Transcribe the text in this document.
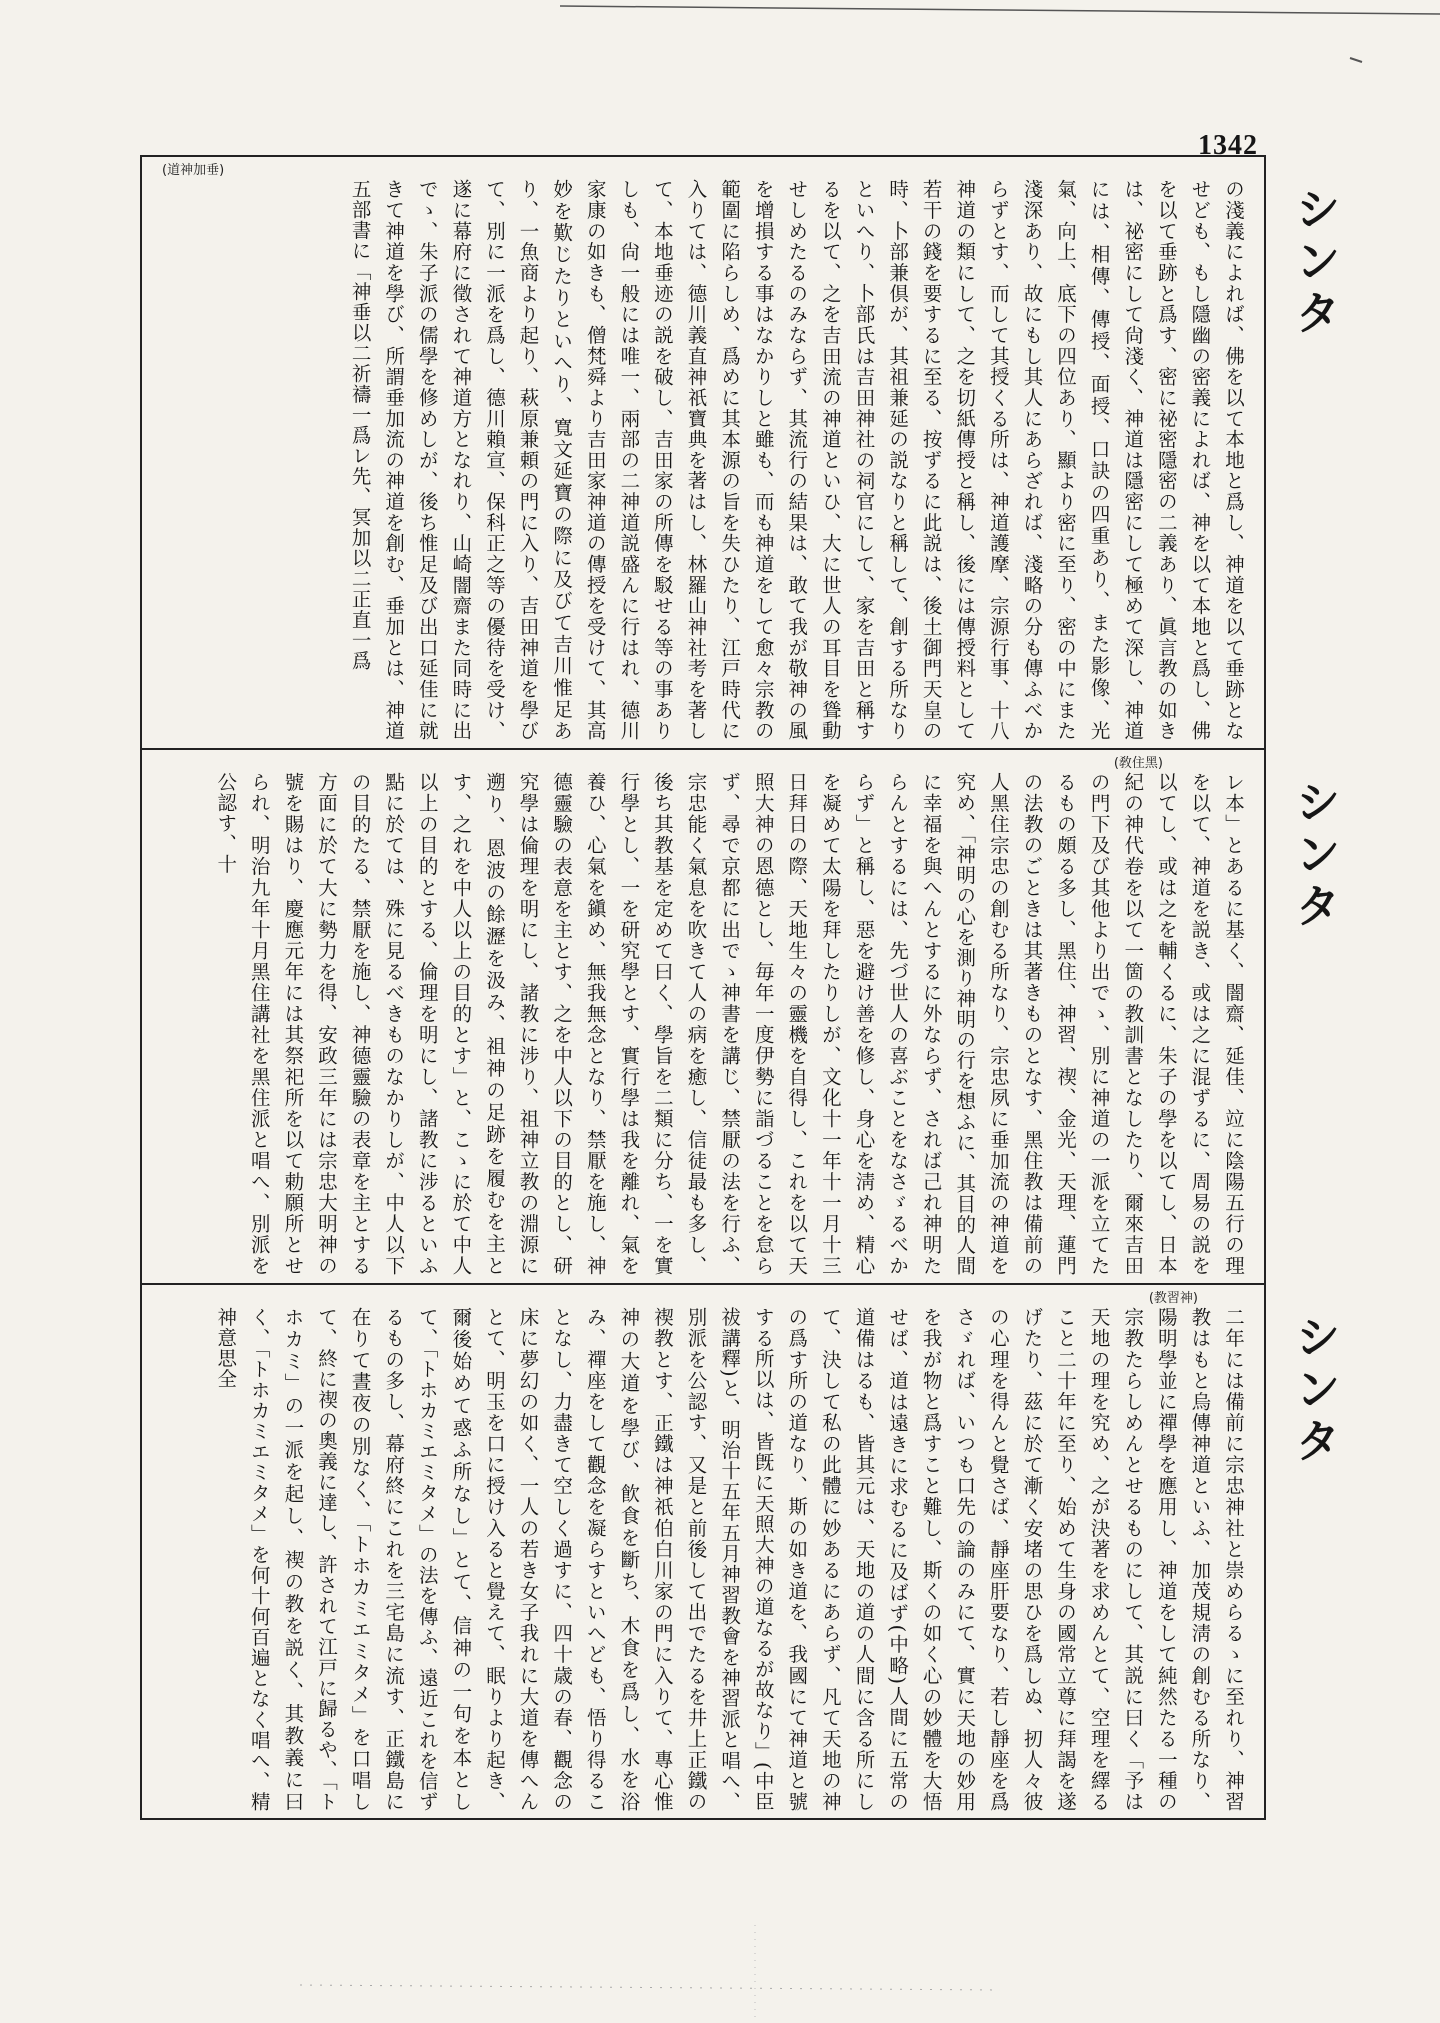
1342
シンタ
(道神加垂)
の淺義によれば、佛を以て本地と爲し、神道を以て垂跡となせども、もし隱幽の密義によれば、神を以て本地と爲し、佛を以て垂跡と爲す、密に祕密隱密の二義あり、眞言教の如きは、祕密にして尙淺く、神道は隱密にして極めて深し、神道には、相傳、傳授、面授、口訣の四重あり、また影像、光氣、向上、底下の四位あり、顯より密に至り、密の中にまた淺深あり、故にもし其人にあらざれば、淺略の分も傳ふべからずとす、而して其授くる所は、神道護摩、宗源行事、十八神道の類にして、之を切紙傳授と稱し、後には傳授料として若干の錢を要するに至る、按ずるに此説は、後土御門天皇の時、卜部兼倶が、其祖兼延の説なりと稱して、創する所なりといへり、卜部氏は吉田神社の祠官にして、家を吉田と稱するを以て、之を吉田流の神道といひ、大に世人の耳目を聳動せしめたるのみならず、其流行の結果は、敢て我が敬神の風を增損する事はなかりしと雖も、而も神道をして愈々宗教の範圍に陷らしめ、爲めに其本源の旨を失ひたり、江戸時代に入りては、德川義直神祇寶典を著はし、林羅山神社考を著して、本地垂迹の説を破し、吉田家の所傳を駁せる等の事ありしも、尙一般には唯一、兩部の二神道説盛んに行はれ、德川家康の如きも、僧梵舜より吉田家神道の傳授を受けて、其高妙を歎じたりといへり、寬文延寶の際に及びて吉川惟足あり、一魚商より起り、萩原兼頼の門に入り、吉田神道を學びて、別に一派を爲し、德川賴宣、保科正之等の優待を受け、遂に幕府に徵されて神道方となれり、山崎闇齋また同時に出でゝ、朱子派の儒學を修めしが、後ち惟足及び出口延佳に就きて神道を學び、所謂垂加流の神道を創む、垂加とは、神道五部書に「神垂以二祈禱一爲レ先、冥加以二正直一爲
シンタ
(敎住黑)
レ本」とあるに基く、闇齋、延佳、竝に陰陽五行の理を以て、神道を説き、或は之に混ずるに、周易の説を以てし、或は之を輔くるに、朱子の學を以てし、日本紀の神代卷を以て一箇の教訓書となしたり、爾來吉田の門下及び其他より出でゝ、別に神道の一派を立てたるもの頗る多し、黑住、神習、禊、金光、天理、蓮門の法教のごときは其著きものとなす、黑住教は備前の人黑住宗忠の創むる所なり、宗忠夙に垂加流の神道を究め、「神明の心を測り神明の行を想ふに、其目的人間に幸福を與へんとするに外ならず、されば己れ神明たらんとするには、先づ世人の喜ぶことをなさゞるべからず」と稱し、惡を避け善を修し、身心を淸め、精心を凝めて太陽を拜したりしが、文化十一年十一月十三日拜日の際、天地生々の靈機を自得し、これを以て天照大神の恩德とし、毎年一度伊勢に詣づることを怠らず、尋で京都に出でゝ神書を講じ、禁厭の法を行ふ、宗忠能く氣息を吹きて人の病を癒し、信徒最も多し、後ち其教基を定めて曰く、學旨を二類に分ち、一を實行學とし、一を研究學とす、實行學は我を離れ、氣を養ひ、心氣を鎭め、無我無念となり、禁厭を施し、神德靈驗の表意を主とす、之を中人以下の目的とし、研究學は倫理を明にし、諸教に涉り、祖神立教の淵源に遡り、恩波の餘瀝を汲み、祖神の足跡を履むを主とす、之れを中人以上の目的とす」と、こゝに於て中人以上の目的とする、倫理を明にし、諸教に涉るといふ點に於ては、殊に見るべきものなかりしが、中人以下の目的たる、禁厭を施し、神德靈驗の表章を主とする方面に於て大に勢力を得、安政三年には宗忠大明神の號を賜はり、慶應元年には其祭祀所を以て勅願所とせられ、明治九年十月黑住講社を黑住派と唱へ、別派を公認す、十
シンタ
(教習神)
二年には備前に宗忠神社と崇めらるゝに至れり、神習教はもと烏傳神道といふ、加茂規淸の創むる所なり、陽明學並に禪學を應用し、神道をして純然たる一種の宗教たらしめんとせるものにして、其説に曰く「予は天地の理を究め、之が決著を求めんとて、空理を繹ること二十年に至り、始めて生身の國常立尊に拜謁を遂げたり、茲に於て漸く安堵の思ひを爲しぬ、扨人々彼の心理を得んと覺さば、靜座肝要なり、若し靜座を爲さゞれば、いつも口先の論のみにて、實に天地の妙用を我が物と爲すこと難し、斯くの如く心の妙體を大悟せば、道は遠きに求むるに及ばず(中略)人間に五常の道備はるも、皆其元は、天地の道の人間に含る所にして、決して私の此體に妙あるにあらず、凡て天地の神の爲す所の道なり、斯の如き道を、我國にて神道と號する所以は、皆旣に天照大神の道なるが故なり」(中臣祓講釋)と、明治十五年五月神習教會を神習派と唱へ、別派を公認す、又是と前後して出でたるを井上正鐵の禊教とす、正鐵は神祇伯白川家の門に入りて、專心惟神の大道を學び、飮食を斷ち、木食を爲し、水を浴み、禪座をして觀念を凝らすといへども、悟り得ることなし、力盡きて空しく過すに、四十歳の春、觀念の床に夢幻の如く、一人の若き女子我れに大道を傳へんとて、明玉を口に授け入ると覺えて、眠りより起き、爾後始めて惑ふ所なし」とて、信神の一句を本として、「トホカミエミタメ」の法を傳ふ、遠近これを信ずるもの多し、幕府終にこれを三宅島に流す、正鐵島に在りて晝夜の別なく、「トホカミエミタメ」を口唱して、終に禊の奧義に達し、許されて江戸に歸るや、「トホカミ」の一派を起し、禊の教を説く、其教義に曰く、「トホカミエミタメ」を何十何百遍となく唱へ、精神意思全
